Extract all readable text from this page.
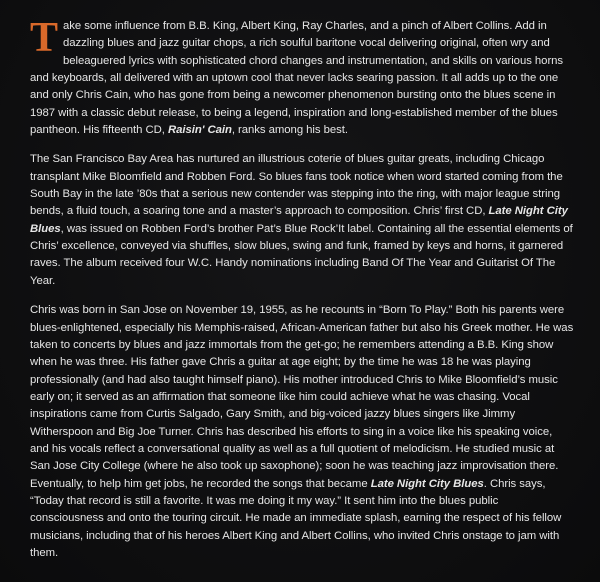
Take some influence from B.B. King, Albert King, Ray Charles, and a pinch of Albert Collins. Add in dazzling blues and jazz guitar chops, a rich soulful baritone vocal delivering original, often wry and beleaguered lyrics with sophisticated chord changes and instrumentation, and skills on various horns and keyboards, all delivered with an uptown cool that never lacks searing passion. It all adds up to the one and only Chris Cain, who has gone from being a newcomer phenomenon bursting onto the blues scene in 1987 with a classic debut release, to being a legend, inspiration and long-established member of the blues pantheon. His fifteenth CD, Raisin' Cain, ranks among his best.

The San Francisco Bay Area has nurtured an illustrious coterie of blues guitar greats, including Chicago transplant Mike Bloomfield and Robben Ford. So blues fans took notice when word started coming from the South Bay in the late ’80s that a serious new contender was stepping into the ring, with major league string bends, a fluid touch, a soaring tone and a master’s approach to composition. Chris’ first CD, Late Night City Blues, was issued on Robben Ford’s brother Pat’s Blue Rock’It label. Containing all the essential elements of Chris’ excellence, conveyed via shuffles, slow blues, swing and funk, framed by keys and horns, it garnered raves. The album received four W.C. Handy nominations including Band Of The Year and Guitarist Of The Year.

Chris was born in San Jose on November 19, 1955, as he recounts in “Born To Play.” Both his parents were blues-enlightened, especially his Memphis-raised, African-American father but also his Greek mother. He was taken to concerts by blues and jazz immortals from the get-go; he remembers attending a B.B. King show when he was three. His father gave Chris a guitar at age eight; by the time he was 18 he was playing professionally (and had also taught himself piano). His mother introduced Chris to Mike Bloomfield’s music early on; it served as an affirmation that someone like him could achieve what he was chasing. Vocal inspirations came from Curtis Salgado, Gary Smith, and big-voiced jazzy blues singers like Jimmy Witherspoon and Big Joe Turner. Chris has described his efforts to sing in a voice like his speaking voice, and his vocals reflect a conversational quality as well as a full quotient of melodicism. He studied music at San Jose City College (where he also took up saxophone); soon he was teaching jazz improvisation there. Eventually, to help him get jobs, he recorded the songs that became Late Night City Blues. Chris says, “Today that record is still a favorite. It was me doing it my way.” It sent him into the blues public consciousness and onto the touring circuit. He made an immediate splash, earning the respect of his fellow musicians, including that of his heroes Albert King and Albert Collins, who invited Chris onstage to jam with them.
